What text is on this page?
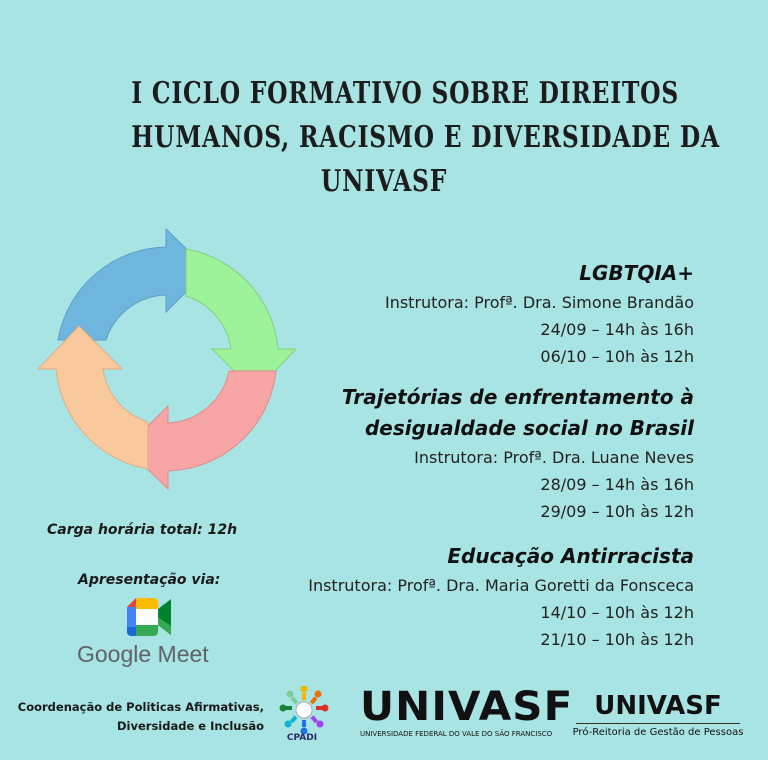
I CICLO FORMATIVO SOBRE DIREITOS
HUMANOS, RACISMO E DIVERSIDADE DA
UNIVASF
LGBTQIA+
Instrutora: Profª. Dra. Simone Brandão
24/09 – 14h às 16h
06/10 – 10h às 12h
Trajetórias de enfrentamento à
desigualdade social no Brasil
Instrutora: Profª. Dra. Luane Neves
28/09 – 14h às 16h
29/09 – 10h às 12h
Educação Antirracista
Instrutora: Profª. Dra. Maria Goretti da Fonsceca
14/10 – 10h às 12h
21/10 – 10h às 12h
Carga horária total: 12h
Apresentação via:
Google Meet
Coordenação de Politicas Afirmativas,
Diversidade e Inclusão
CPADI
UNIVASF
UNIVERSIDADE FEDERAL DO VALE DO SÃO FRANCISCO
UNIVASF
Pró-Reitoria de Gestão de Pessoas
